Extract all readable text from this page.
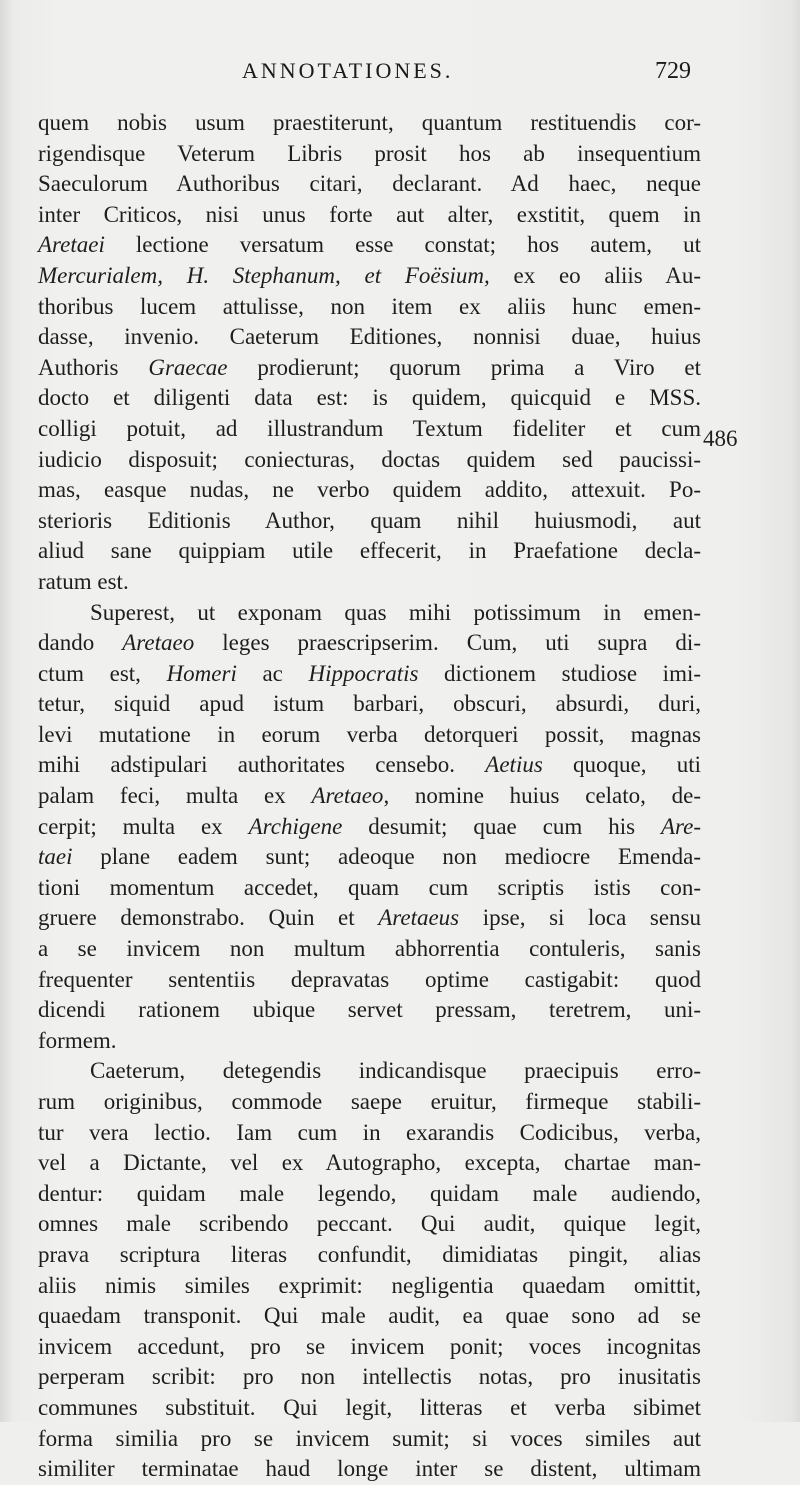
ANNOTATIONES.	729
quem nobis usum praestiterunt, quantum restituendis cor-
rigendisque Veterum Libris prosit hos ab insequentium
Saeculorum Authoribus citari, declarant. Ad haec, neque
inter Criticos, nisi unus forte aut alter, exstitit, quem in
Aretaei lectione versatum esse constat; hos autem, ut
Mercurialem, H. Stephanum, et Foësium, ex eo aliis Au-
thoribus lucem attulisse, non item ex aliis hunc emen-
dasse, invenio. Caeterum Editiones, nonnisi duae, huius
Authoris Graecae prodierunt; quorum prima a Viro et
docto et diligenti data est: is quidem, quicquid e MSS.
colligi potuit, ad illustrandum Textum fideliter et cum
iudicio disposuit; coniecturas, doctas quidem sed paucissi-
mas, easque nudas, ne verbo quidem addito, attexuit. Po-
sterioris Editionis Author, quam nihil huiusmodi, aut
aliud sane quippiam utile effecerit, in Praefatione decla-
ratum est.
Superest, ut exponam quas mihi potissimum in emen-
dando Aretaeo leges praescripserim. Cum, uti supra di-
ctum est, Homeri ac Hippocratis dictionem studiose imi-
tetur, siquid apud istum barbari, obscuri, absurdi, duri,
levi mutatione in eorum verba detorqueri possit, magnas
mihi adstipulari authoritates censebo. Aetius quoque, uti
palam feci, multa ex Aretaeo, nomine huius celato, de-
cerpit; multa ex Archigene desumit; quae cum his Are-
taei plane eadem sunt; adeoque non mediocre Emenda-
tioni momentum accedet, quam cum scriptis istis con-
gruere demonstrabo. Quin et Aretaeus ipse, si loca sensu
a se invicem non multum abhorrentia contuleris, sanis
frequenter sententiis depravatas optime castigabit: quod
dicendi rationem ubique servet pressam, teretrem, uni-
formem.
Caeterum, detegendis indicandisque praecipuis erro-
rum originibus, commode saepe eruitur, firmeque stabili-
tur vera lectio. Iam cum in exarandis Codicibus, verba,
vel a Dictante, vel ex Autographo, excepta, chartae man-
dentur: quidam male legendo, quidam male audiendo,
omnes male scribendo peccant. Qui audit, quique legit,
prava scriptura literas confundit, dimidiatas pingit, alias
aliis nimis similes exprimit: negligentia quaedam omittit,
quaedam transponit. Qui male audit, ea quae sono ad se
invicem accedunt, pro se invicem ponit; voces incognitas
perperam scribit: pro non intellectis notas, pro inusitatis
communes substituit. Qui legit, litteras et verba sibimet
forma similia pro se invicem sumit; si voces similes aut
similiter terminatae haud longe inter se distent, ultimam
486
